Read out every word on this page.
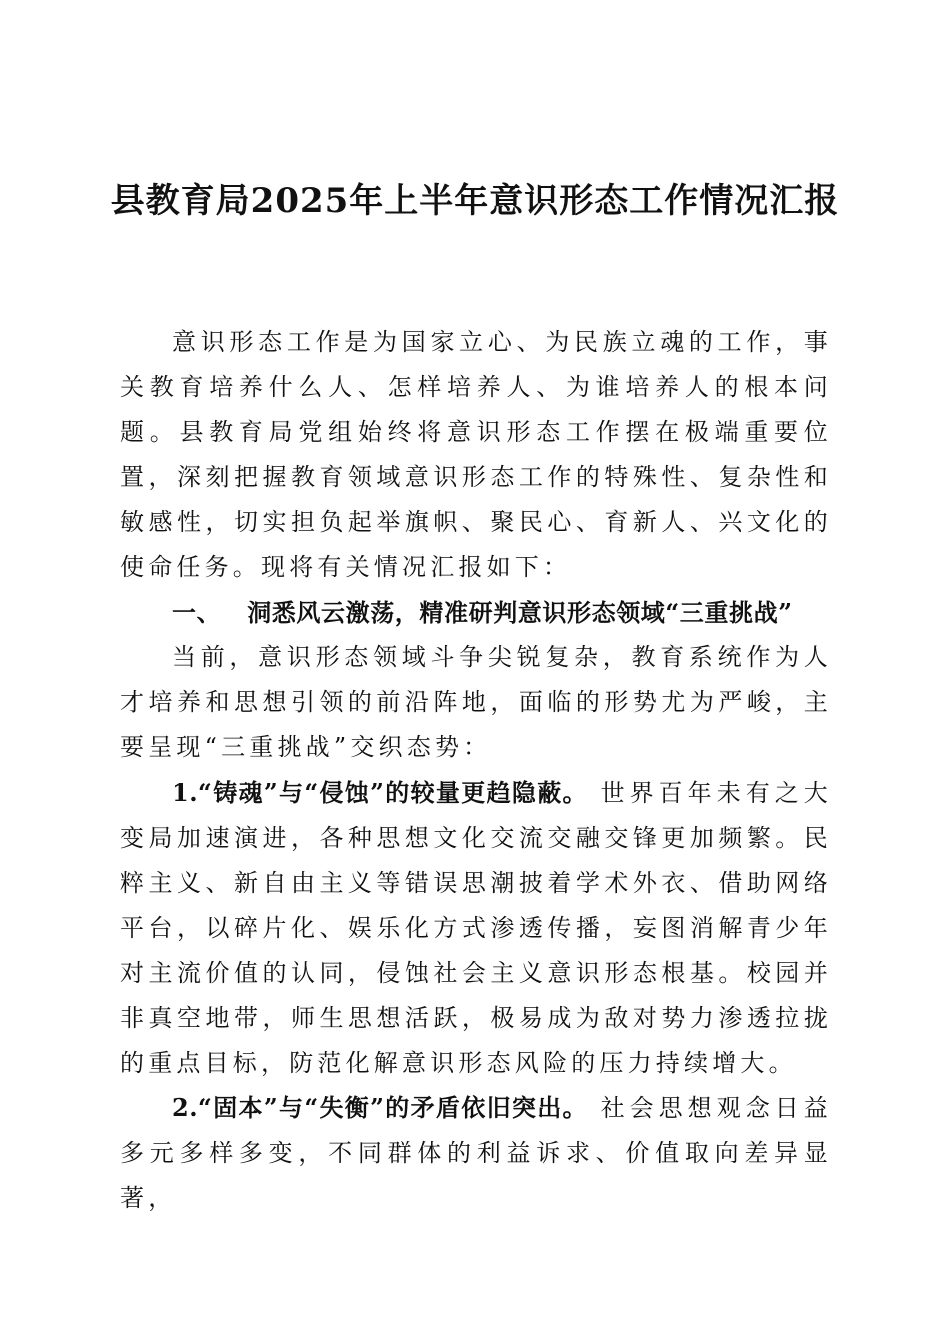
县教育局2025年上半年意识形态工作情况汇报

意识形态工作是为国家立心、为民族立魂的工作，事关教育培养什么人、怎样培养人、为谁培养人的根本问题。县教育局党组始终将意识形态工作摆在极端重要位置，深刻把握教育领域意识形态工作的特殊性、复杂性和敏感性，切实担负起举旗帜、聚民心、育新人、兴文化的使命任务。现将有关情况汇报如下：

一、 洞悉风云激荡，精准研判意识形态领域“三重挑战”

当前，意识形态领域斗争尖锐复杂，教育系统作为人才培养和思想引领的前沿阵地，面临的形势尤为严峻，主要呈现“三重挑战”交织态势：

1.“铸魂”与“侵蚀”的较量更趋隐蔽。 世界百年未有之大变局加速演进，各种思想文化交流交融交锋更加频繁。民粹主义、新自由主义等错误思潮披着学术外衣、借助网络平台，以碎片化、娱乐化方式渗透传播，妄图消解青少年对主流价值的认同，侵蚀社会主义意识形态根基。校园并非真空地带，师生思想活跃，极易成为敌对势力渗透拉拢的重点目标，防范化解意识形态风险的压力持续增大。

2.“固本”与“失衡”的矛盾依旧突出。 社会思想观念日益多元多样多变，不同群体的利益诉求、价值取向差异显著，
